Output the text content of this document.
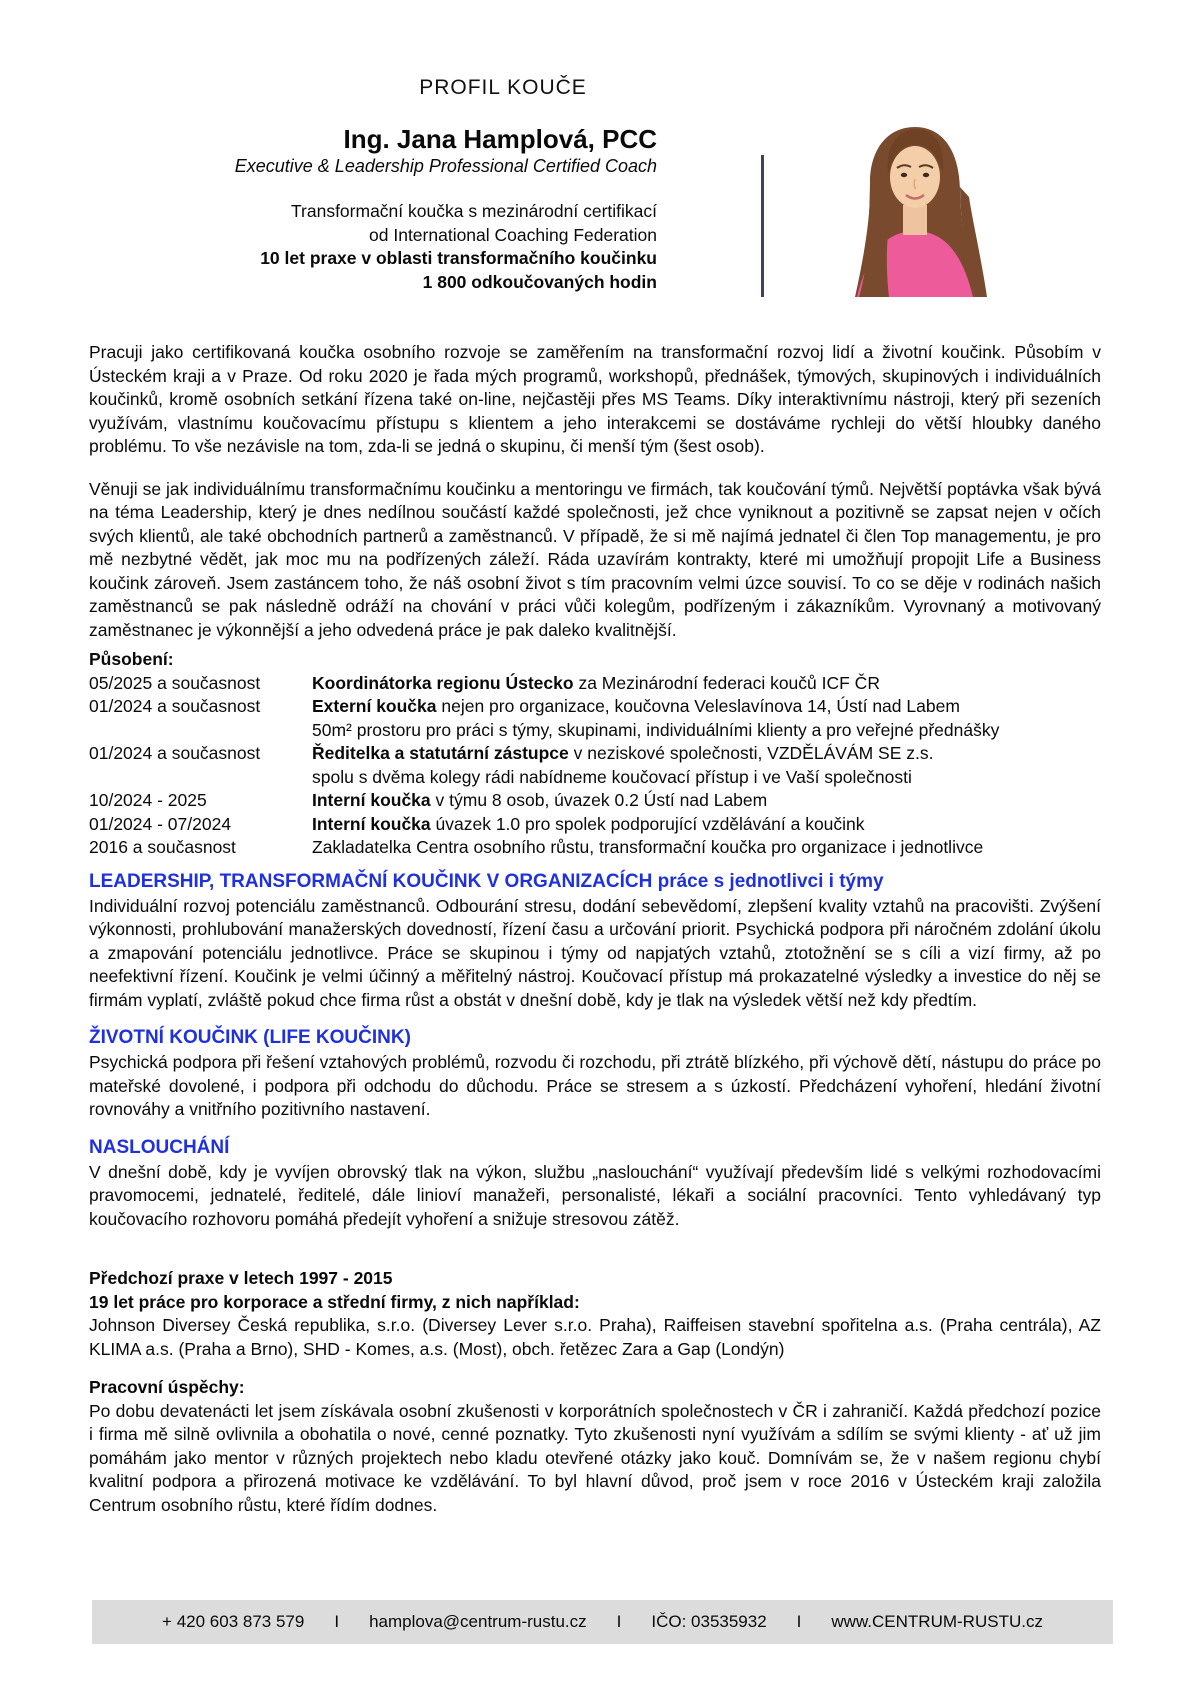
PROFIL KOUČE
Ing. Jana Hamplová, PCC
Executive & Leadership Professional Certified Coach
Transformační koučka s mezinárodní certifikací
od International Coaching Federation
10 let praxe v oblasti transformačního koučinku
1 800 odkoučovaných hodin

Pracuji jako certifikovaná koučka osobního rozvoje se zaměřením na transformační rozvoj lidí a životní koučink. Působím v Ústeckém kraji a v Praze. Od roku 2020 je řada mých programů, workshopů, přednášek, týmových, skupinových i individuálních koučinků, kromě osobních setkání řízena také on-line, nejčastěji přes MS Teams. Díky interaktivnímu nástroji, který při sezeních využívám, vlastnímu koučovacímu přístupu s klientem a jeho interakcemi se dostáváme rychleji do větší hloubky daného problému. To vše nezávisle na tom, zda-li se jedná o skupinu, či menší tým (šest osob).

Věnuji se jak individuálnímu transformačnímu koučinku a mentoringu ve firmách, tak koučování týmů. Největší poptávka však bývá na téma Leadership, který je dnes nedílnou součástí každé společnosti, jež chce vyniknout a pozitivně se zapsat nejen v očích svých klientů, ale také obchodních partnerů a zaměstnanců. V případě, že si mě najímá jednatel či člen Top managementu, je pro mě nezbytné vědět, jak moc mu na podřízených záleží. Ráda uzavírám kontrakty, které mi umožňují propojit Life a Business koučink zároveň. Jsem zastáncem toho, že náš osobní život s tím pracovním velmi úzce souvisí. To co se děje v rodinách našich zaměstnanců se pak následně odráží na chování v práci vůči kolegům, podřízeným i zákazníkům. Vyrovnaný a motivovaný zaměstnanec je výkonnější a jeho odvedená práce je pak daleko kvalitnější.

Působení:
05/2025 a současnost	Koordinátorka regionu Ústecko za Mezinárodní federaci koučů ICF ČR
01/2024 a současnost	Externí koučka nejen pro organizace, koučovna Veleslavínova 14, Ústí nad Labem
50m² prostoru pro práci s týmy, skupinami, individuálními klienty a pro veřejné přednášky
01/2024 a současnost	Ředitelka a statutární zástupce v neziskové společnosti, VZDĚLÁVÁM SE z.s.
spolu s dvěma kolegy rádi nabídneme koučovací přístup i ve Vaší společnosti
10/2024 - 2025	Interní koučka v týmu 8 osob, úvazek 0.2 Ústí nad Labem
01/2024 - 07/2024	Interní koučka úvazek 1.0 pro spolek podporující vzdělávání a koučink
2016 a současnost	Zakladatelka Centra osobního růstu, transformační koučka pro organizace i jednotlivce
LEADERSHIP, TRANSFORMAČNÍ KOUČINK V ORGANIZACÍCH práce s jednotlivci i týmy

Individuální rozvoj potenciálu zaměstnanců. Odbourání stresu, dodání sebevědomí, zlepšení kvality vztahů na pracovišti. Zvýšení výkonnosti, prohlubování manažerských dovedností, řízení času a určování priorit. Psychická podpora při náročném zdolání úkolu a zmapování potenciálu jednotlivce. Práce se skupinou i týmy od napjatých vztahů, ztotožnění se s cíli a vizí firmy, až po neefektivní řízení. Koučink je velmi účinný a měřitelný nástroj. Koučovací přístup má prokazatelné výsledky a investice do něj se firmám vyplatí, zvláště pokud chce firma růst a obstát v dnešní době, kdy je tlak na výsledek větší než kdy předtím.

ŽIVOTNÍ KOUČINK (LIFE KOUČINK)

Psychická podpora při řešení vztahových problémů, rozvodu či rozchodu, při ztrátě blízkého, při výchově dětí, nástupu do práce po mateřské dovolené, i podpora při odchodu do důchodu. Práce se stresem a s úzkostí. Předcházení vyhoření, hledání životní rovnováhy a vnitřního pozitivního nastavení.

NASLOUCHÁNÍ

V dnešní době, kdy je vyvíjen obrovský tlak na výkon, službu „naslouchání“ využívají především lidé s velkými rozhodovacími pravomocemi, jednatelé, ředitelé, dále linioví manažeři, personalisté, lékaři a sociální pracovníci. Tento vyhledávaný typ koučovacího rozhovoru pomáhá předejít vyhoření a snižuje stresovou zátěž.

Předchozí praxe v letech 1997 - 2015
19 let práce pro korporace a střední firmy, z nich například:

Johnson Diversey Česká republika, s.r.o. (Diversey Lever s.r.o. Praha), Raiffeisen stavební spořitelna a.s. (Praha centrála), AZ KLIMA a.s. (Praha a Brno), SHD - Komes, a.s. (Most), obch. řetězec Zara a Gap (Londýn)

Pracovní úspěchy:

Po dobu devatenácti let jsem získávala osobní zkušenosti v korporátních společnostech v ČR i zahraničí. Každá předchozí pozice i firma mě silně ovlivnila a obohatila o nové, cenné poznatky. Tyto zkušenosti nyní využívám a sdílím se svými klienty - ať už jim pomáhám jako mentor v různých projektech nebo kladu otevřené otázky jako kouč. Domnívám se, že v našem regionu chybí kvalitní podpora a přirozená motivace ke vzdělávání. To byl hlavní důvod, proč jsem v roce 2016 v Ústeckém kraji založila Centrum osobního růstu, které řídím dodnes.

+ 420 603 873 579 I hamplova@centrum-rustu.cz I IČO: 03535932 I www.CENTRUM-RUSTU.cz
